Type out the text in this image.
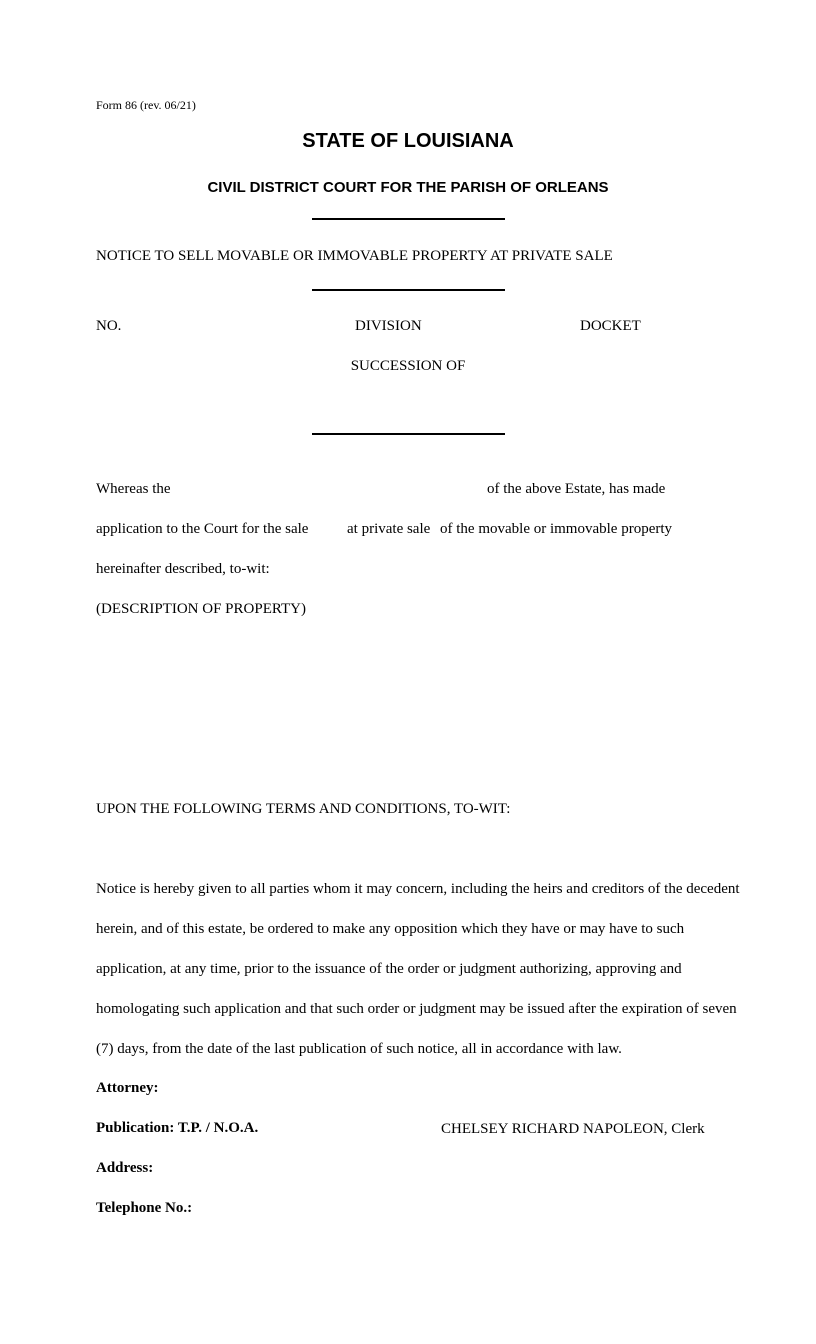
Form 86 (rev. 06/21)
STATE OF LOUISIANA
CIVIL DISTRICT COURT FOR THE PARISH OF ORLEANS
NOTICE TO SELL MOVABLE OR IMMOVABLE PROPERTY AT PRIVATE SALE
NO.	DIVISION	DOCKET
SUCCESSION OF
Whereas the	of the above Estate, has made
application to the Court for the sale	at private sale of the movable or immovable property
hereinafter described, to-wit:
(DESCRIPTION OF PROPERTY)
UPON THE FOLLOWING TERMS AND CONDITIONS, TO-WIT:
Notice is hereby given to all parties whom it may concern, including the heirs and creditors of the decedent
herein, and of this estate, be ordered to make any opposition which they have or may have to such
application, at any time, prior to the issuance of the order or judgment authorizing, approving and
homologating such application and that such order or judgment may be issued after the expiration of seven
(7) days, from the date of the last publication of such notice, all in accordance with law.
Attorney:
Publication: T.P. / N.O.A.	CHELSEY RICHARD NAPOLEON, Clerk
Address:
Telephone No.:
